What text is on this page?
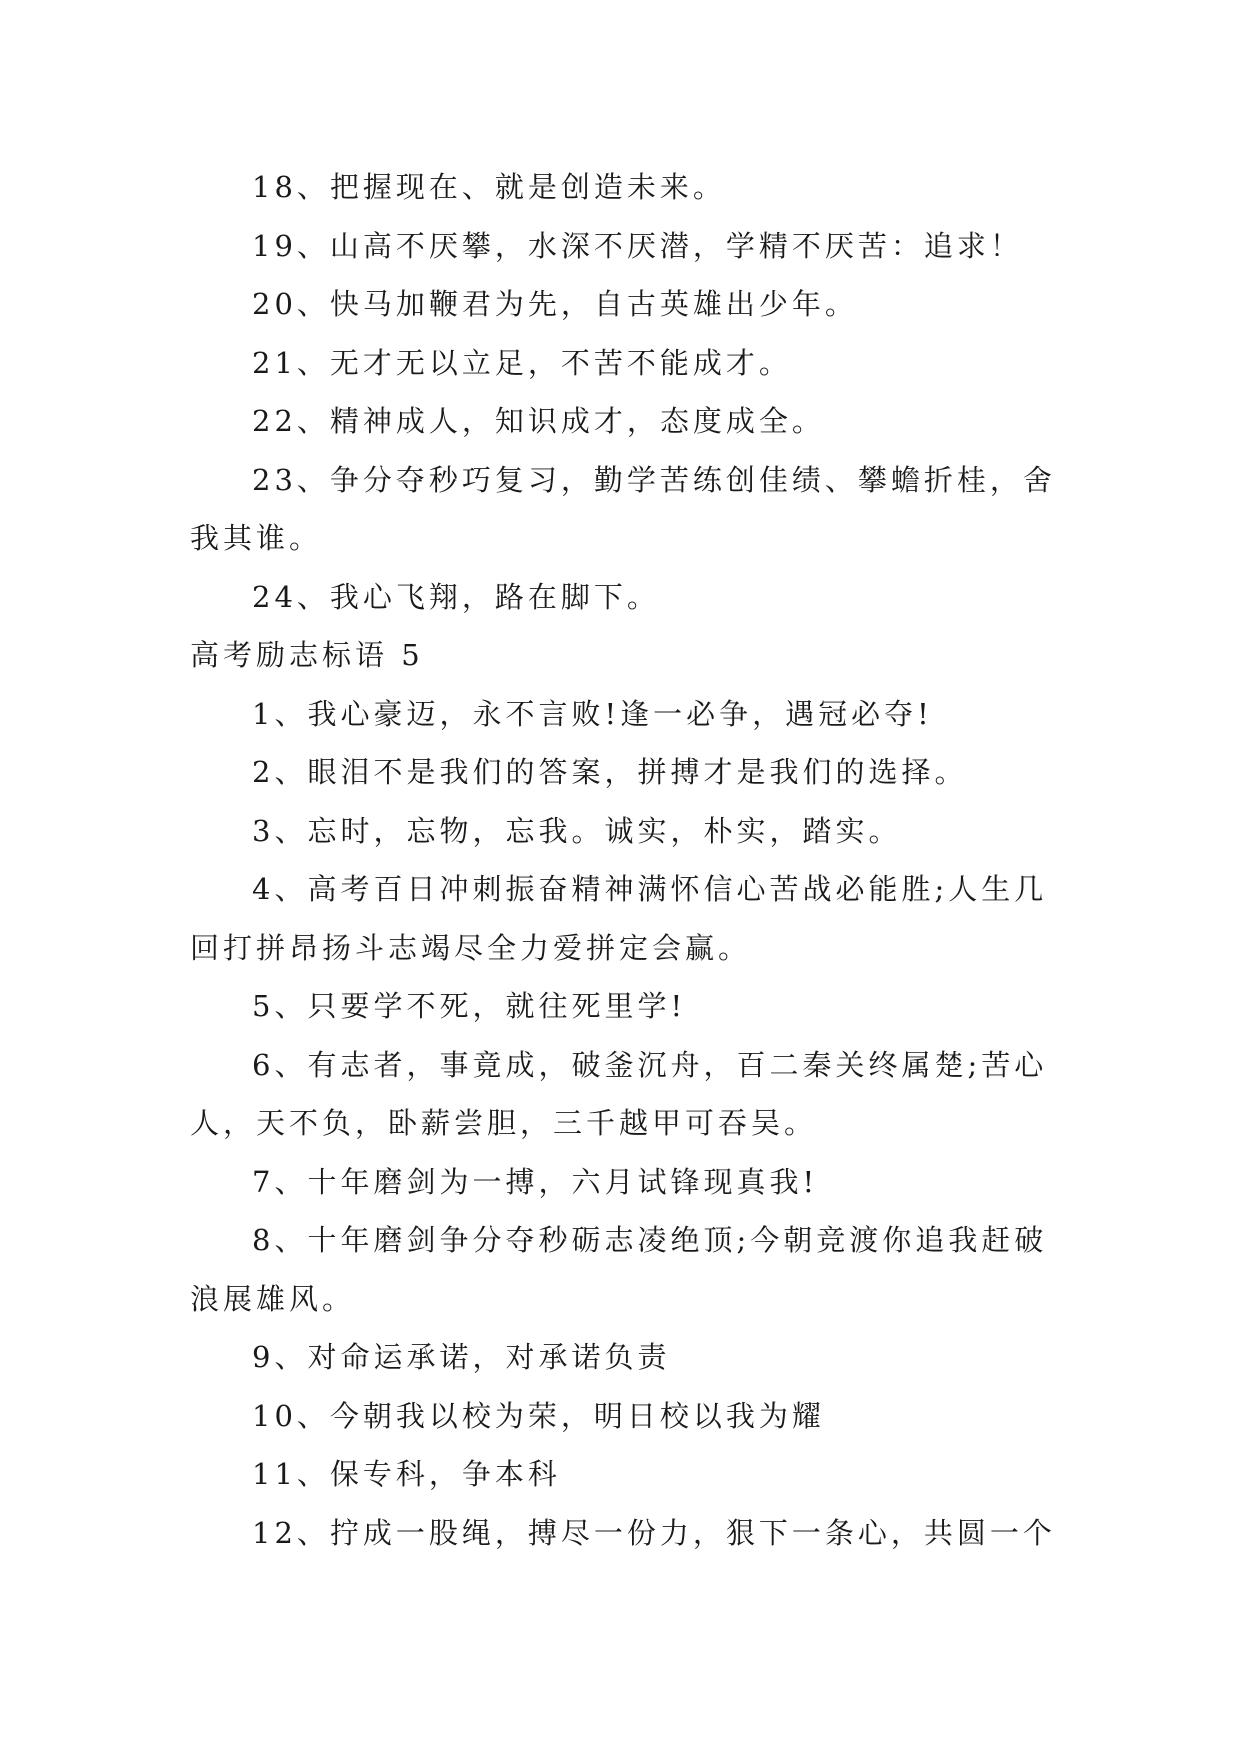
18、把握现在、就是创造未来。
19、山高不厌攀，水深不厌潜，学精不厌苦：追求！
20、快马加鞭君为先，自古英雄出少年。
21、无才无以立足，不苦不能成才。
22、精神成人，知识成才，态度成全。
23、争分夺秒巧复习，勤学苦练创佳绩、攀蟾折桂，舍
我其谁。
24、我心飞翔，路在脚下。
高考励志标语 5
1、我心豪迈，永不言败!逢一必争，遇冠必夺!
2、眼泪不是我们的答案，拼搏才是我们的选择。
3、忘时，忘物，忘我。诚实，朴实，踏实。
4、高考百日冲刺振奋精神满怀信心苦战必能胜;人生几
回打拼昂扬斗志竭尽全力爱拼定会赢。
5、只要学不死，就往死里学!
6、有志者，事竟成，破釜沉舟，百二秦关终属楚;苦心
人，天不负，卧薪尝胆，三千越甲可吞吴。
7、十年磨剑为一搏，六月试锋现真我!
8、十年磨剑争分夺秒砺志凌绝顶;今朝竞渡你追我赶破
浪展雄风。
9、对命运承诺，对承诺负责
10、今朝我以校为荣，明日校以我为耀
11、保专科，争本科
12、拧成一股绳，搏尽一份力，狠下一条心，共圆一个
